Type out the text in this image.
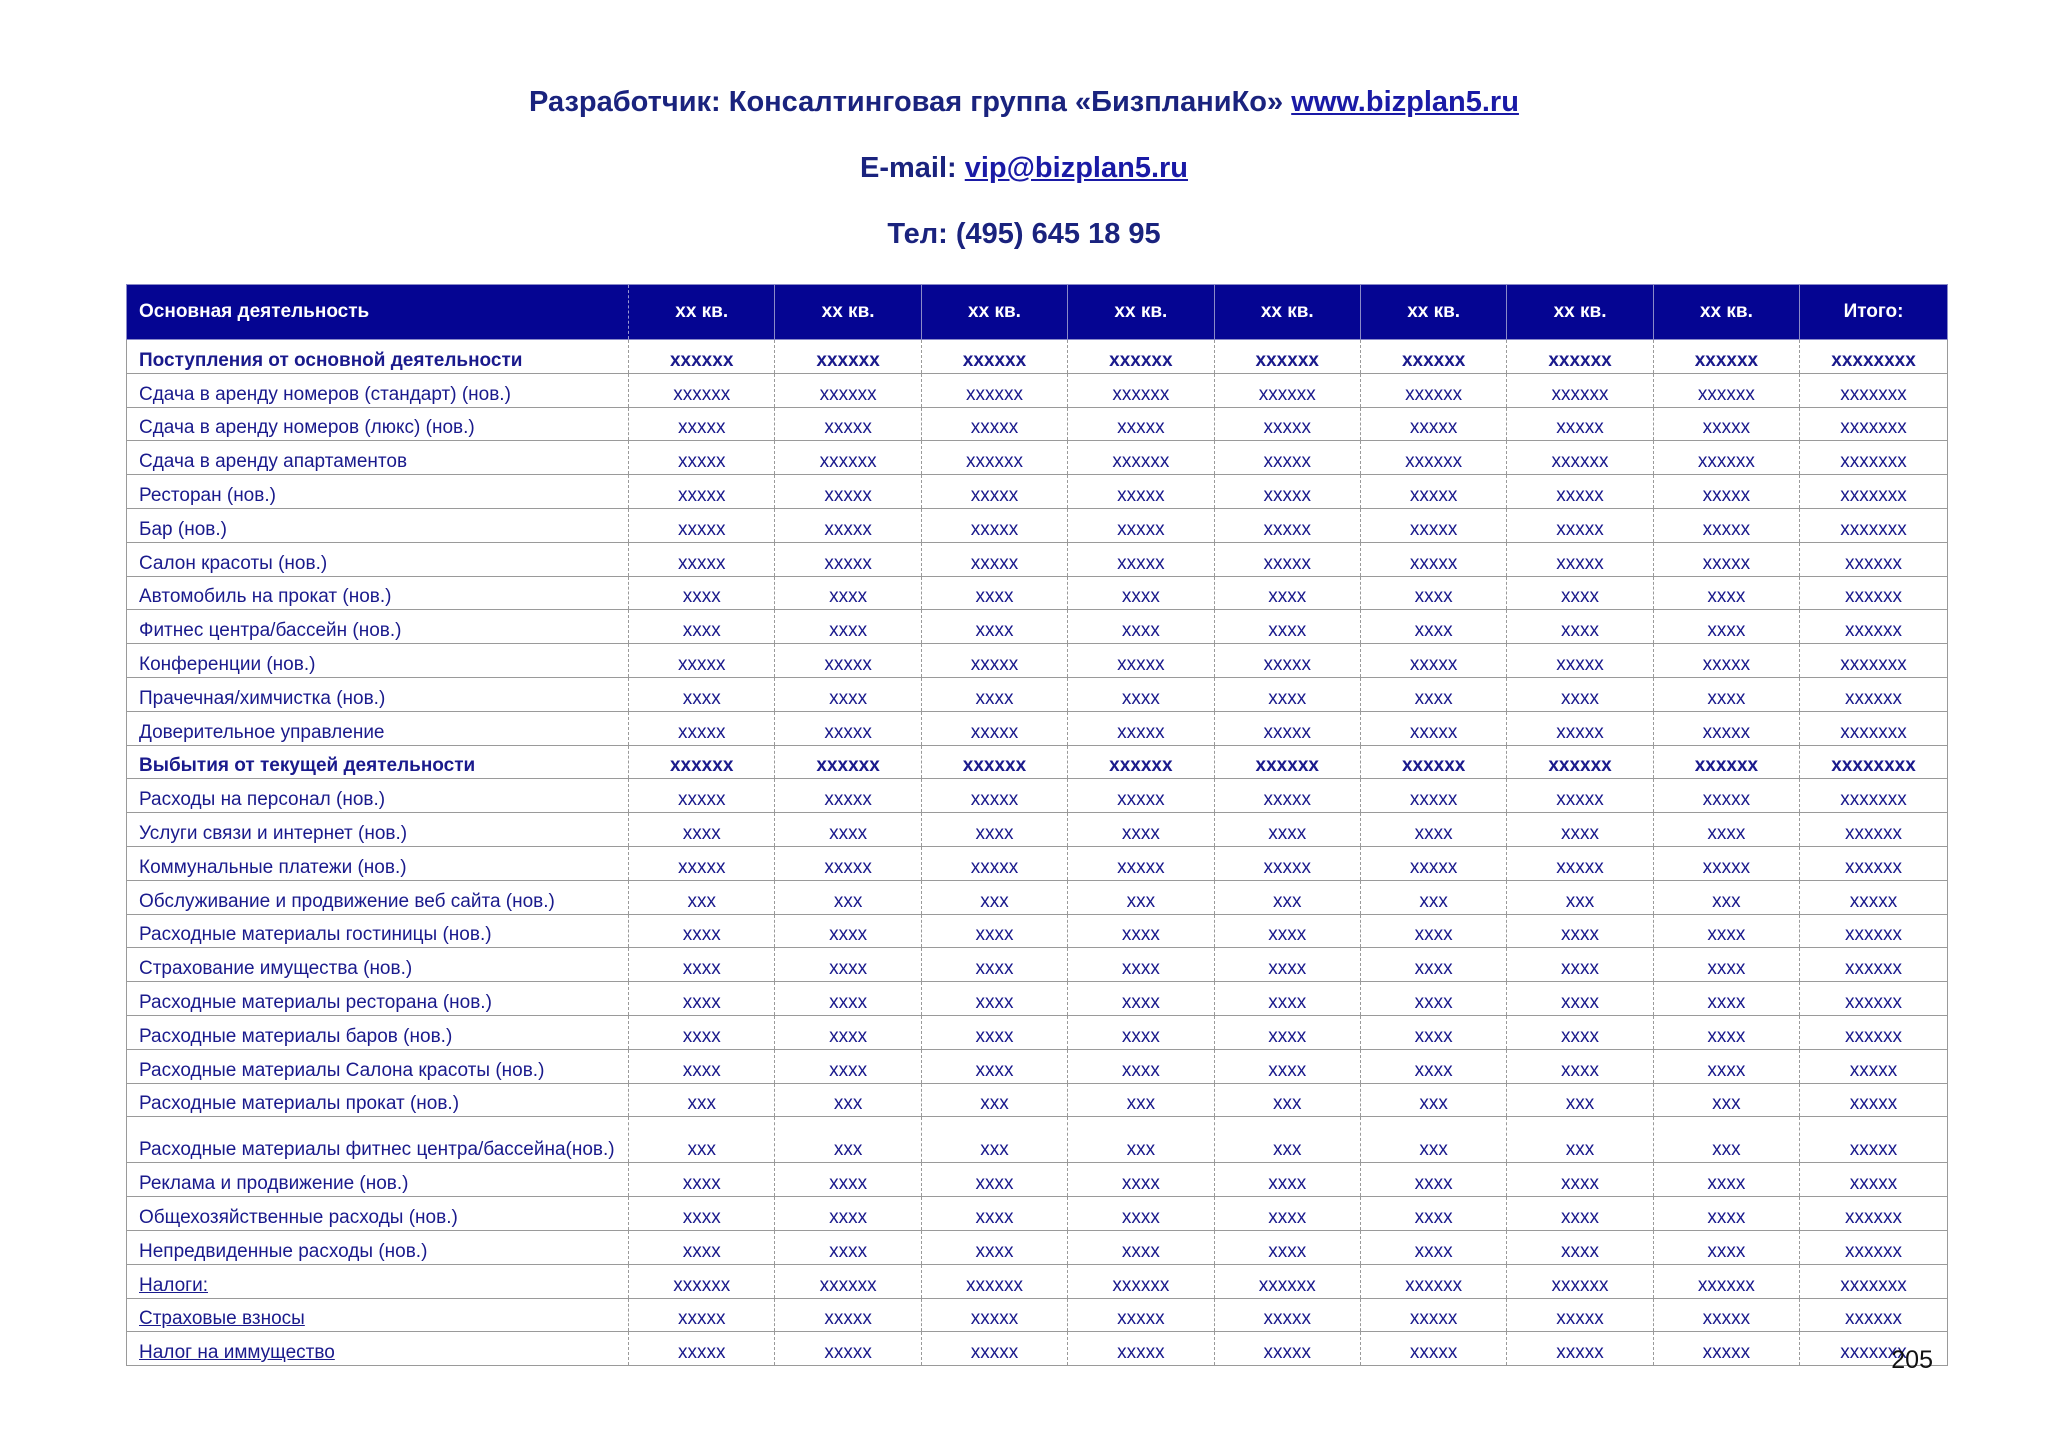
Разработчик: Консалтинговая группа «БизпланиКо» www.bizplan5.ru
E-mail: vip@bizplan5.ru
Тел: (495) 645 18 95
Основная деятельность	хх кв.	хх кв.	хх кв.	хх кв.	хх кв.	хх кв.	хх кв.	хх кв.	Итого:
Поступления от основной деятельности	хххххх	хххххх	хххххх	хххххх	хххххх	хххххх	хххххх	хххххх	хххххххх
Сдача в аренду номеров (стандарт) (нов.)	хххххх	хххххх	хххххх	хххххх	хххххх	хххххх	хххххх	хххххх	ххххххх
Сдача в аренду номеров (люкс) (нов.)	ххххх	ххххх	ххххх	ххххх	ххххх	ххххх	ххххх	ххххх	ххххххх
Сдача в аренду апартаментов	ххххх	хххххх	хххххх	хххххх	ххххх	хххххх	хххххх	хххххх	ххххххх
Ресторан (нов.)	ххххх	ххххх	ххххх	ххххх	ххххх	ххххх	ххххх	ххххх	ххххххх
Бар (нов.)	ххххх	ххххх	ххххх	ххххх	ххххх	ххххх	ххххх	ххххх	ххххххх
Салон красоты (нов.)	ххххх	ххххх	ххххх	ххххх	ххххх	ххххх	ххххх	ххххх	хххххх
Автомобиль на прокат (нов.)	хххх	хххх	хххх	хххх	хххх	хххх	хххх	хххх	хххххх
Фитнес центра/бассейн (нов.)	хххх	хххх	хххх	хххх	хххх	хххх	хххх	хххх	хххххх
Конференции (нов.)	ххххх	ххххх	ххххх	ххххх	ххххх	ххххх	ххххх	ххххх	ххххххх
Прачечная/химчистка (нов.)	хххх	хххх	хххх	хххх	хххх	хххх	хххх	хххх	хххххх
Доверительное управление	ххххх	ххххх	ххххх	ххххх	ххххх	ххххх	ххххх	ххххх	ххххххх
Выбытия от текущей деятельности	хххххх	хххххх	хххххх	хххххх	хххххх	хххххх	хххххх	хххххх	хххххххх
Расходы на персонал (нов.)	ххххх	ххххх	ххххх	ххххх	ххххх	ххххх	ххххх	ххххх	ххххххх
Услуги связи и интернет (нов.)	хххх	хххх	хххх	хххх	хххх	хххх	хххх	хххх	хххххх
Коммунальные платежи (нов.)	ххххх	ххххх	ххххх	ххххх	ххххх	ххххх	ххххх	ххххх	хххххх
Обслуживание и продвижение веб сайта (нов.)	ххх	ххх	ххх	ххх	ххх	ххх	ххх	ххх	ххххх
Расходные материалы гостиницы (нов.)	хххх	хххх	хххх	хххх	хххх	хххх	хххх	хххх	хххххх
Страхование имущества (нов.)	хххх	хххх	хххх	хххх	хххх	хххх	хххх	хххх	хххххх
Расходные материалы ресторана (нов.)	хххх	хххх	хххх	хххх	хххх	хххх	хххх	хххх	хххххх
Расходные материалы баров (нов.)	хххх	хххх	хххх	хххх	хххх	хххх	хххх	хххх	хххххх
Расходные материалы Салона красоты (нов.)	хххх	хххх	хххх	хххх	хххх	хххх	хххх	хххх	ххххх
Расходные материалы прокат (нов.)	ххх	ххх	ххх	ххх	ххх	ххх	ххх	ххх	ххххх
Расходные материалы фитнес центра/бассейна(нов.)	ххх	ххх	ххх	ххх	ххх	ххх	ххх	ххх	ххххх
Реклама и продвижение (нов.)	хххх	хххх	хххх	хххх	хххх	хххх	хххх	хххх	ххххх
Общехозяйственные расходы (нов.)	хххх	хххх	хххх	хххх	хххх	хххх	хххх	хххх	хххххх
Непредвиденные расходы (нов.)	хххх	хххх	хххх	хххх	хххх	хххх	хххх	хххх	хххххх
Налоги:	хххххх	хххххх	хххххх	хххххх	хххххх	хххххх	хххххх	хххххх	ххххххх
Страховые взносы	ххххх	ххххх	ххххх	ххххх	ххххх	ххххх	ххххх	ххххх	хххххх
Налог на иммущество	ххххх	ххххх	ххххх	ххххх	ххххх	ххххх	ххххх	ххххх	ххххххх
205
